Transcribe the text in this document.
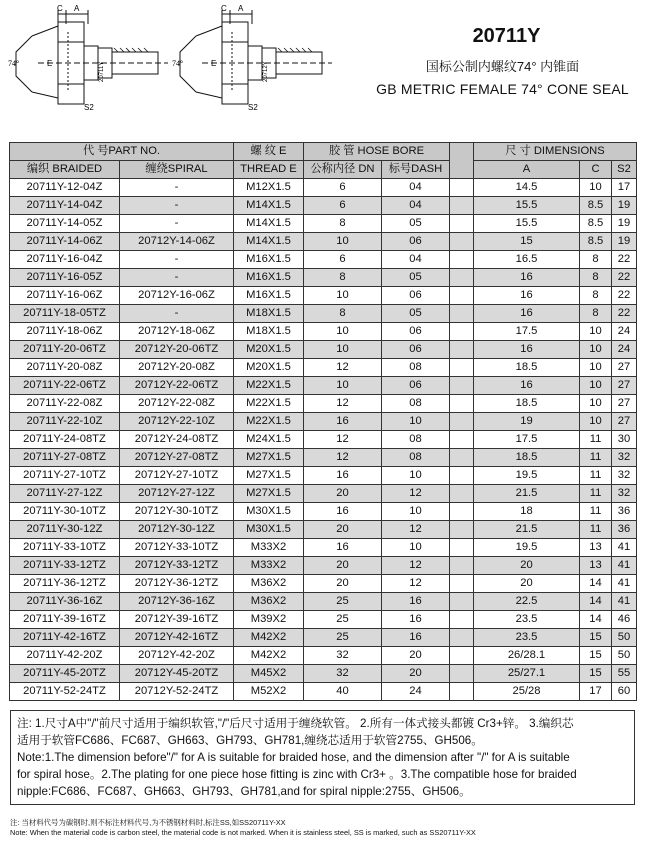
C A
74°	E
S2
20711Y
C A
74°	E
S2
20712Y
20711Y
国标公制内螺纹74° 内锥面
GB METRIC FEMALE 74° CONE SEAL
代 号PART NO.		螺 纹 E	胶 管 HOSE BORE			尺 寸 DIMENSIONS		
编织 BRAIDED	缠绕SPIRAL	THREAD E	公称内径 DN	标号DASH		A	C	S2
20711Y-12-04Z	-	M12X1.5	6	04		14.5	10	17
20711Y-14-04Z	-	M14X1.5	6	04		15.5	8.5	19
20711Y-14-05Z	-	M14X1.5	8	05		15.5	8.5	19
20711Y-14-06Z	20712Y-14-06Z	M14X1.5	10	06		15	8.5	19
20711Y-16-04Z	-	M16X1.5	6	04		16.5	8	22
20711Y-16-05Z	-	M16X1.5	8	05		16	8	22
20711Y-16-06Z	20712Y-16-06Z	M16X1.5	10	06		16	8	22
20711Y-18-05TZ	-	M18X1.5	8	05		16	8	22
20711Y-18-06Z	20712Y-18-06Z	M18X1.5	10	06		17.5	10	24
20711Y-20-06TZ	20712Y-20-06TZ	M20X1.5	10	06		16	10	24
20711Y-20-08Z	20712Y-20-08Z	M20X1.5	12	08		18.5	10	27
20711Y-22-06TZ	20712Y-22-06TZ	M22X1.5	10	06		16	10	27
20711Y-22-08Z	20712Y-22-08Z	M22X1.5	12	08		18.5	10	27
20711Y-22-10Z	20712Y-22-10Z	M22X1.5	16	10		19	10	27
20711Y-24-08TZ	20712Y-24-08TZ	M24X1.5	12	08		17.5	11	30
20711Y-27-08TZ	20712Y-27-08TZ	M27X1.5	12	08		18.5	11	32
20711Y-27-10TZ	20712Y-27-10TZ	M27X1.5	16	10		19.5	11	32
20711Y-27-12Z	20712Y-27-12Z	M27X1.5	20	12		21.5	11	32
20711Y-30-10TZ	20712Y-30-10TZ	M30X1.5	16	10		18	11	36
20711Y-30-12Z	20712Y-30-12Z	M30X1.5	20	12		21.5	11	36
20711Y-33-10TZ	20712Y-33-10TZ	M33X2	16	10		19.5	13	41
20711Y-33-12TZ	20712Y-33-12TZ	M33X2	20	12		20	13	41
20711Y-36-12TZ	20712Y-36-12TZ	M36X2	20	12		20	14	41
20711Y-36-16Z	20712Y-36-16Z	M36X2	25	16		22.5	14	41
20711Y-39-16TZ	20712Y-39-16TZ	M39X2	25	16		23.5	14	46
20711Y-42-16TZ	20712Y-42-16TZ	M42X2	25	16		23.5	15	50
20711Y-42-20Z	20712Y-42-20Z	M42X2	32	20		26/28.1	15	50
20711Y-45-20TZ	20712Y-45-20TZ	M45X2	32	20		25/27.1	15	55
20711Y-52-24TZ	20712Y-52-24TZ	M52X2	40	24		25/28	17	60
注: 1.尺寸A中"/"前尺寸适用于编织软管,"/"后尺寸适用于缠绕软管。 2.所有一体式接头都镀 Cr3+锌。 3.编织芯
适用于软管FC686、FC687、GH663、GH793、GH781,缠绕芯适用于软管2755、GH506。
Note:1.The dimension before"/" for A is suitable for braided hose, and the dimension after "/" for A is suitable
for spiral hose。2.The plating for one piece hose fitting is zinc with Cr3+ 。3.The compatible hose for braided
nipple:FC686、FC687、GH663、GH793、GH781,and for spiral nipple:2755、GH506。
注: 当材料代号为碳钢时,则不标注材料代号,为不锈钢材料时,标注SS,如SS20711Y-XX
Note: When the material code is carbon steel, the material code is not marked. When it is stainless steel, SS is marked, such as SS20711Y-XX
